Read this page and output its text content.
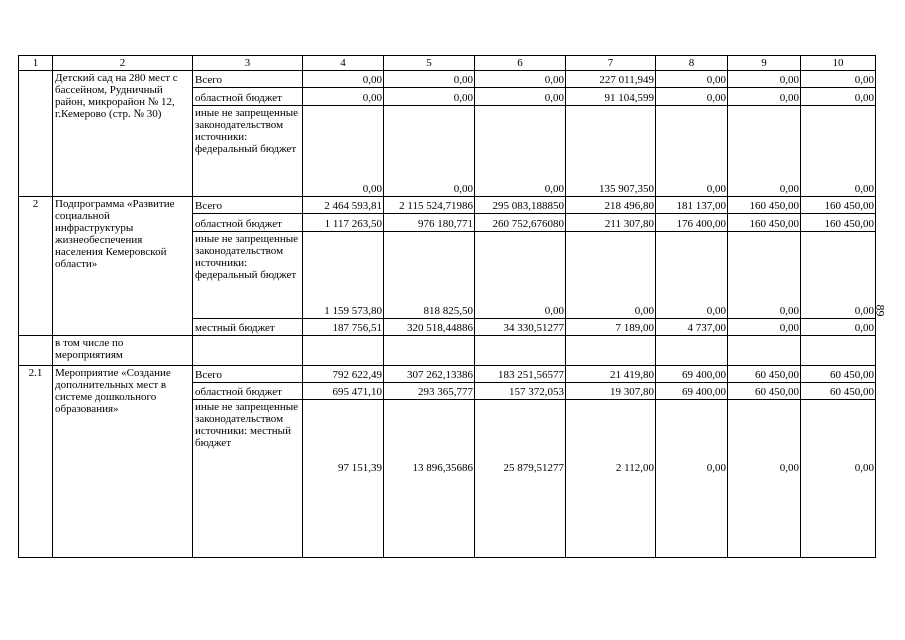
1	2	3	4	5	6	7	8	9	10
	Детский сад на 280 мест с бассейном, Рудничный район, микрорайон № 12, г.Кемерово (стр. № 30)	Всего	0,00	0,00	0,00	227 011,949	0,00	0,00	0,00
		областной бюджет	0,00	0,00	0,00	91 104,599	0,00	0,00	0,00
		иные не запрещенные законодательством источники: федеральный бюджет	0,00	0,00	0,00	135 907,350	0,00	0,00	0,00
2	Подпрограмма «Развитие социальной инфраструктуры жизнеобеспечения населения Кемеровской области»	Всего	2 464 593,81	2 115 524,71986	295 083,188850	218 496,80	181 137,00	160 450,00	160 450,00
		областной бюджет	1 117 263,50	976 180,771	260 752,676080	211 307,80	176 400,00	160 450,00	160 450,00
		иные не запрещенные законодательством источники: федеральный бюджет	1 159 573,80	818 825,50	0,00	0,00	0,00	0,00	0,00
		местный бюджет	187 756,51	320 518,44886	34 330,51277	7 189,00	4 737,00	0,00	0,00
	в том числе по мероприятиям								
2.1	Мероприятие «Создание дополнительных мест в системе дошкольного образования»	Всего	792 622,49	307 262,13386	183 251,56577	21 419,80	69 400,00	60 450,00	60 450,00
		областной бюджет	695 471,10	293 365,777	157 372,053	19 307,80	69 400,00	60 450,00	60 450,00
		иные не запрещенные законодательством источники: местный бюджет	97 151,39	13 896,35686	25 879,51277	2 112,00	0,00	0,00	0,00
89
